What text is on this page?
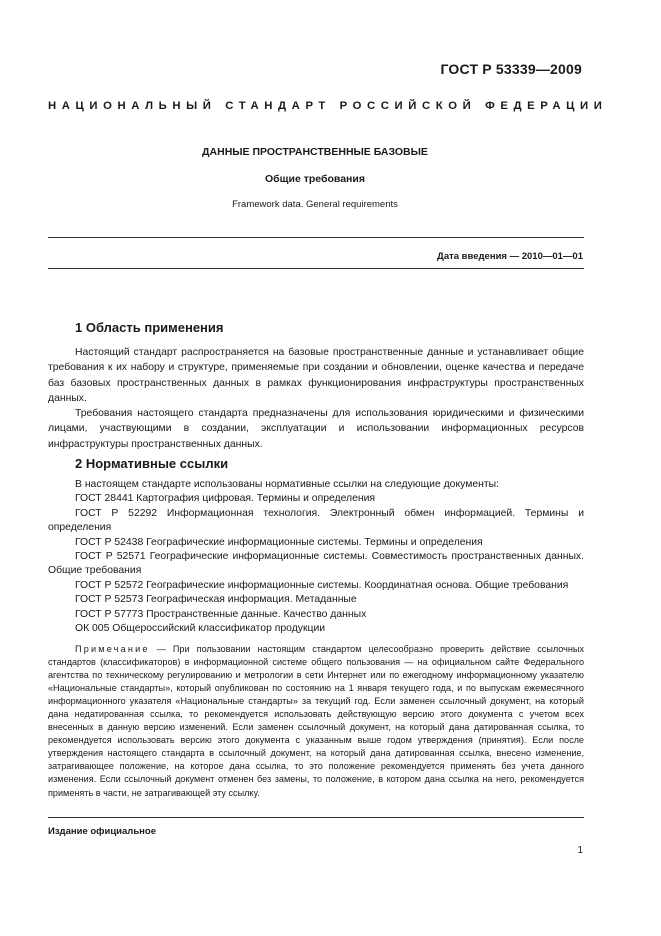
ГОСТ Р 53339—2009
НАЦИОНАЛЬНЫЙ СТАНДАРТ РОССИЙСКОЙ ФЕДЕРАЦИИ
ДАННЫЕ ПРОСТРАНСТВЕННЫЕ БАЗОВЫЕ
Общие требования
Framework data. General requirements
Дата введения — 2010—01—01
1 Область применения

Настоящий стандарт распространяется на базовые пространственные данные и устанавливает общие требования к их набору и структуре, применяемые при создании и обновлении, оценке качества и передаче баз базовых пространственных данных в рамках функционирования инфраструктуры пространственных данных.

Требования настоящего стандарта предназначены для использования юридическими и физическими лицами, участвующими в создании, эксплуатации и использовании информационных ресурсов инфраструктуры пространственных данных.

2 Нормативные ссылки

В настоящем стандарте использованы нормативные ссылки на следующие документы:

ГОСТ 28441 Картография цифровая. Термины и определения

ГОСТ Р 52292 Информационная технология. Электронный обмен информацией. Термины и определения

ГОСТ Р 52438 Географические информационные системы. Термины и определения

ГОСТ Р 52571 Географические информационные системы. Совместимость пространственных данных. Общие требования

ГОСТ Р 52572 Географические информационные системы. Координатная основа. Общие требования

ГОСТ Р 52573 Географическая информация. Метаданные

ГОСТ Р 57773 Пространственные данные. Качество данных

ОК 005 Общероссийский классификатор продукции

Примечание — При пользовании настоящим стандартом целесообразно проверить действие ссылочных стандартов (классификаторов) в информационной системе общего пользования — на официальном сайте Федерального агентства по техническому регулированию и метрологии в сети Интернет или по ежегодному информационному указателю «Национальные стандарты», который опубликован по состоянию на 1 января текущего года, и по выпускам ежемесячного информационного указателя «Национальные стандарты» за текущий год. Если заменен ссылочный документ, на который дана недатированная ссылка, то рекомендуется использовать действующую версию этого документа с учетом всех внесенных в данную версию изменений. Если заменен ссылочный документ, на который дана датированная ссылка, то рекомендуется использовать версию этого документа с указанным выше годом утверждения (принятия). Если после утверждения настоящего стандарта в ссылочный документ, на который дана датированная ссылка, внесено изменение, затрагивающее положение, на которое дана ссылка, то это положение рекомендуется применять без учета данного изменения. Если ссылочный документ отменен без замены, то положение, в котором дана ссылка на него, рекомендуется применять в части, не затрагивающей эту ссылку.

Издание официальное
1
